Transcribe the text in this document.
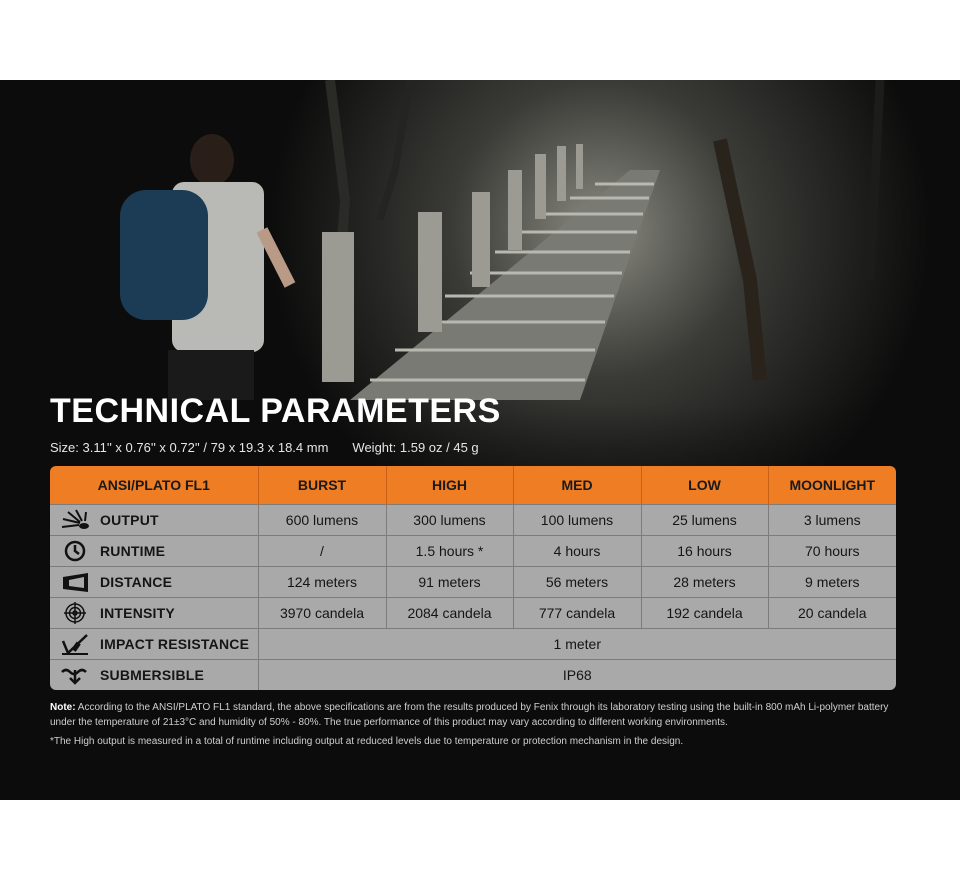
TECHNICAL PARAMETERS
Size: 3.11'' x 0.76'' x 0.72'' / 79 x 19.3 x 18.4 mm Weight: 1.59 oz / 45 g
ANSI/PLATO FL1	BURST	HIGH	MED	LOW	MOONLIGHT

OUTPUT	600 lumens	300 lumens	100 lumens	25 lumens	3 lumens

RUNTIME	/	1.5 hours *	4 hours	16 hours	70 hours

DISTANCE	124 meters	91 meters	56 meters	28 meters	9 meters

INTENSITY	3970 candela	2084 candela	777 candela	192 candela	20 candela

IMPACT RESISTANCE	1 meter				

SUBMERSIBLE	IP68				

Note: According to the ANSI/PLATO FL1 standard, the above specifications are from the results produced by Fenix through its laboratory testing using the built-in 800 mAh Li-polymer battery under the temperature of 21±3°C and humidity of 50% - 80%. The true performance of this product may vary according to different working environments.

*The High output is measured in a total of runtime including output at reduced levels due to temperature or protection mechanism in the design.
